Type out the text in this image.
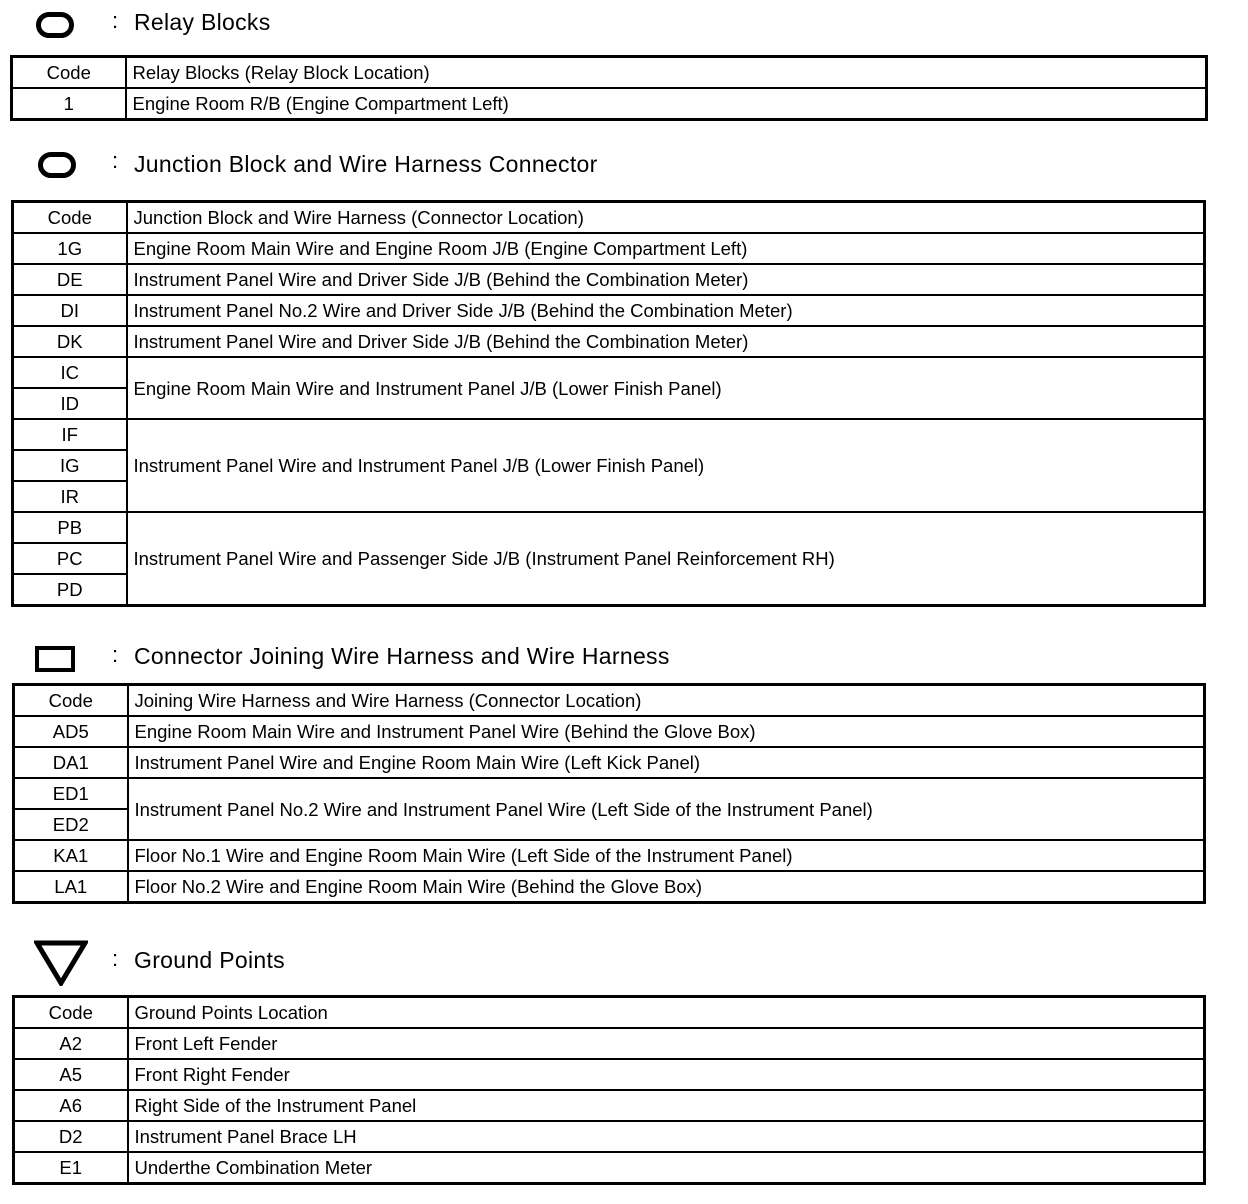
: Relay Blocks
Code	Relay Blocks (Relay Block Location)
1	Engine Room R/B (Engine Compartment Left)
: Junction Block and Wire Harness Connector
Code	Junction Block and Wire Harness (Connector Location)
1G	Engine Room Main Wire and Engine Room J/B (Engine Compartment Left)
DE	Instrument Panel Wire and Driver Side J/B (Behind the Combination Meter)
DI	Instrument Panel No.2 Wire and Driver Side J/B (Behind the Combination Meter)
DK	Instrument Panel Wire and Driver Side J/B (Behind the Combination Meter)
IC	Engine Room Main Wire and Instrument Panel J/B (Lower Finish Panel)
ID	
IF	Instrument Panel Wire and Instrument Panel J/B (Lower Finish Panel)
IG	
IR	
PB	Instrument Panel Wire and Passenger Side J/B (Instrument Panel Reinforcement RH)
PC	
PD	
: Connector Joining Wire Harness and Wire Harness
Code	Joining Wire Harness and Wire Harness (Connector Location)
AD5	Engine Room Main Wire and Instrument Panel Wire (Behind the Glove Box)
DA1	Instrument Panel Wire and Engine Room Main Wire (Left Kick Panel)
ED1	Instrument Panel No.2 Wire and Instrument Panel Wire (Left Side of the Instrument Panel)
ED2	
KA1	Floor No.1 Wire and Engine Room Main Wire (Left Side of the Instrument Panel)
LA1	Floor No.2 Wire and Engine Room Main Wire (Behind the Glove Box)
: Ground Points
Code	Ground Points Location
A2	Front Left Fender
A5	Front Right Fender
A6	Right Side of the Instrument Panel
D2	Instrument Panel Brace LH
E1	Underthe Combination Meter
